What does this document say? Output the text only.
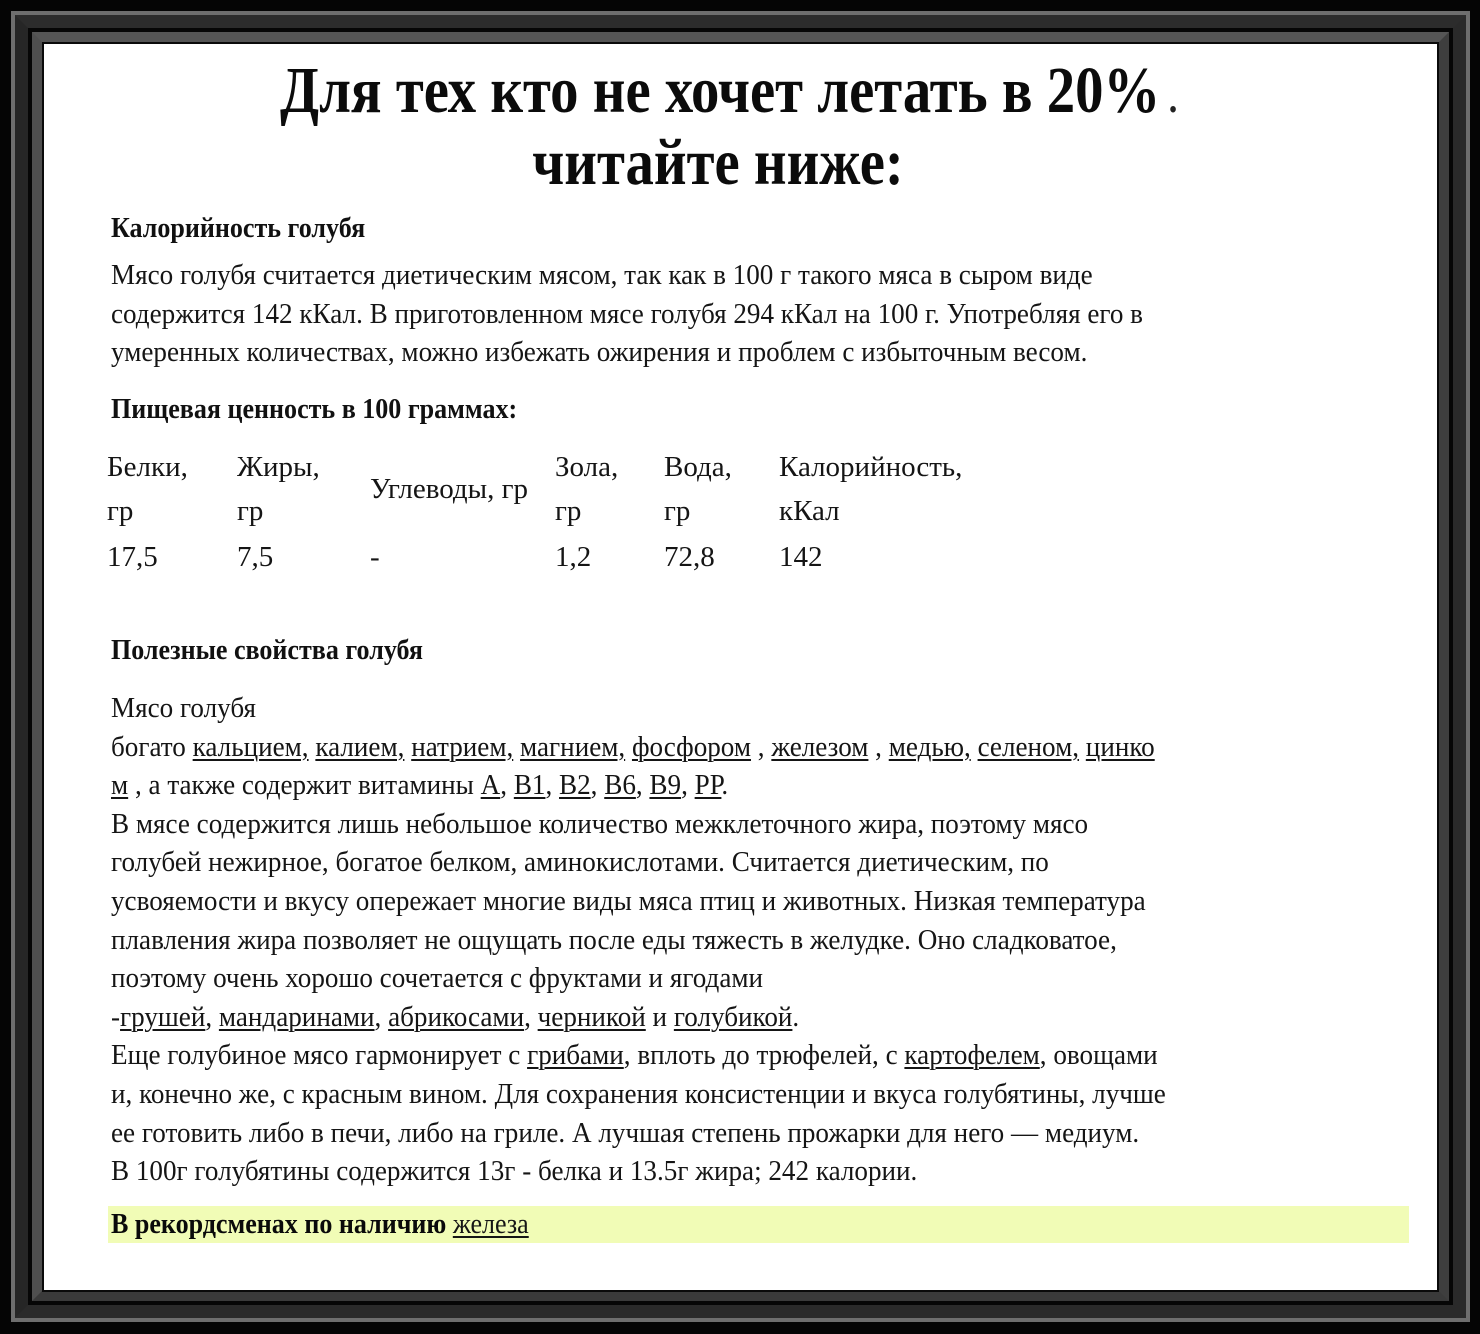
Для тех кто не хочет летать в 20% .
читайте ниже:
Калорийность голубя
Мясо голубя считается диетическим мясом, так как в 100 г такого мяса в сыром виде
содержится 142 кКал. В приготовленном мясе голубя 294 кКал на 100 г. Употребляя его в
умеренных количествах, можно избежать ожирения и проблем с избыточным весом.
Пищевая ценность в 100 граммах:
Белки,
гр
17,5
Жиры,
гр
7,5
Углеводы, гр
-
Зола,
гр
1,2
Вода,
гр
72,8
Калорийность,
кКал
142
Полезные свойства голубя
Мясо голубя
богато кальцием, калием, натрием, магнием, фосфором , железом , медью, селеном, цинко
м , а также содержит витамины А, В1, В2, В6, В9, РР.
В мясе содержится лишь небольшое количество межклеточного жира, поэтому мясо
голубей нежирное, богатое белком, аминокислотами. Считается диетическим, по
усвояемости и вкусу опережает многие виды мяса птиц и животных. Низкая температура
плавления жира позволяет не ощущать после еды тяжесть в желудке. Оно сладковатое,
поэтому очень хорошо сочетается с фруктами и ягодами
-грушей, мандаринами, абрикосами, черникой и голубикой.
Еще голубиное мясо гармонирует с грибами, вплоть до трюфелей, с картофелем, овощами
и, конечно же, с красным вином. Для сохранения консистенции и вкуса голубятины, лучше
ее готовить либо в печи, либо на гриле. А лучшая степень прожарки для него — медиум.
В 100г голубятины содержится 13г - белка и 13.5г жира; 242 калории.
В рекордсменах по наличию железа
